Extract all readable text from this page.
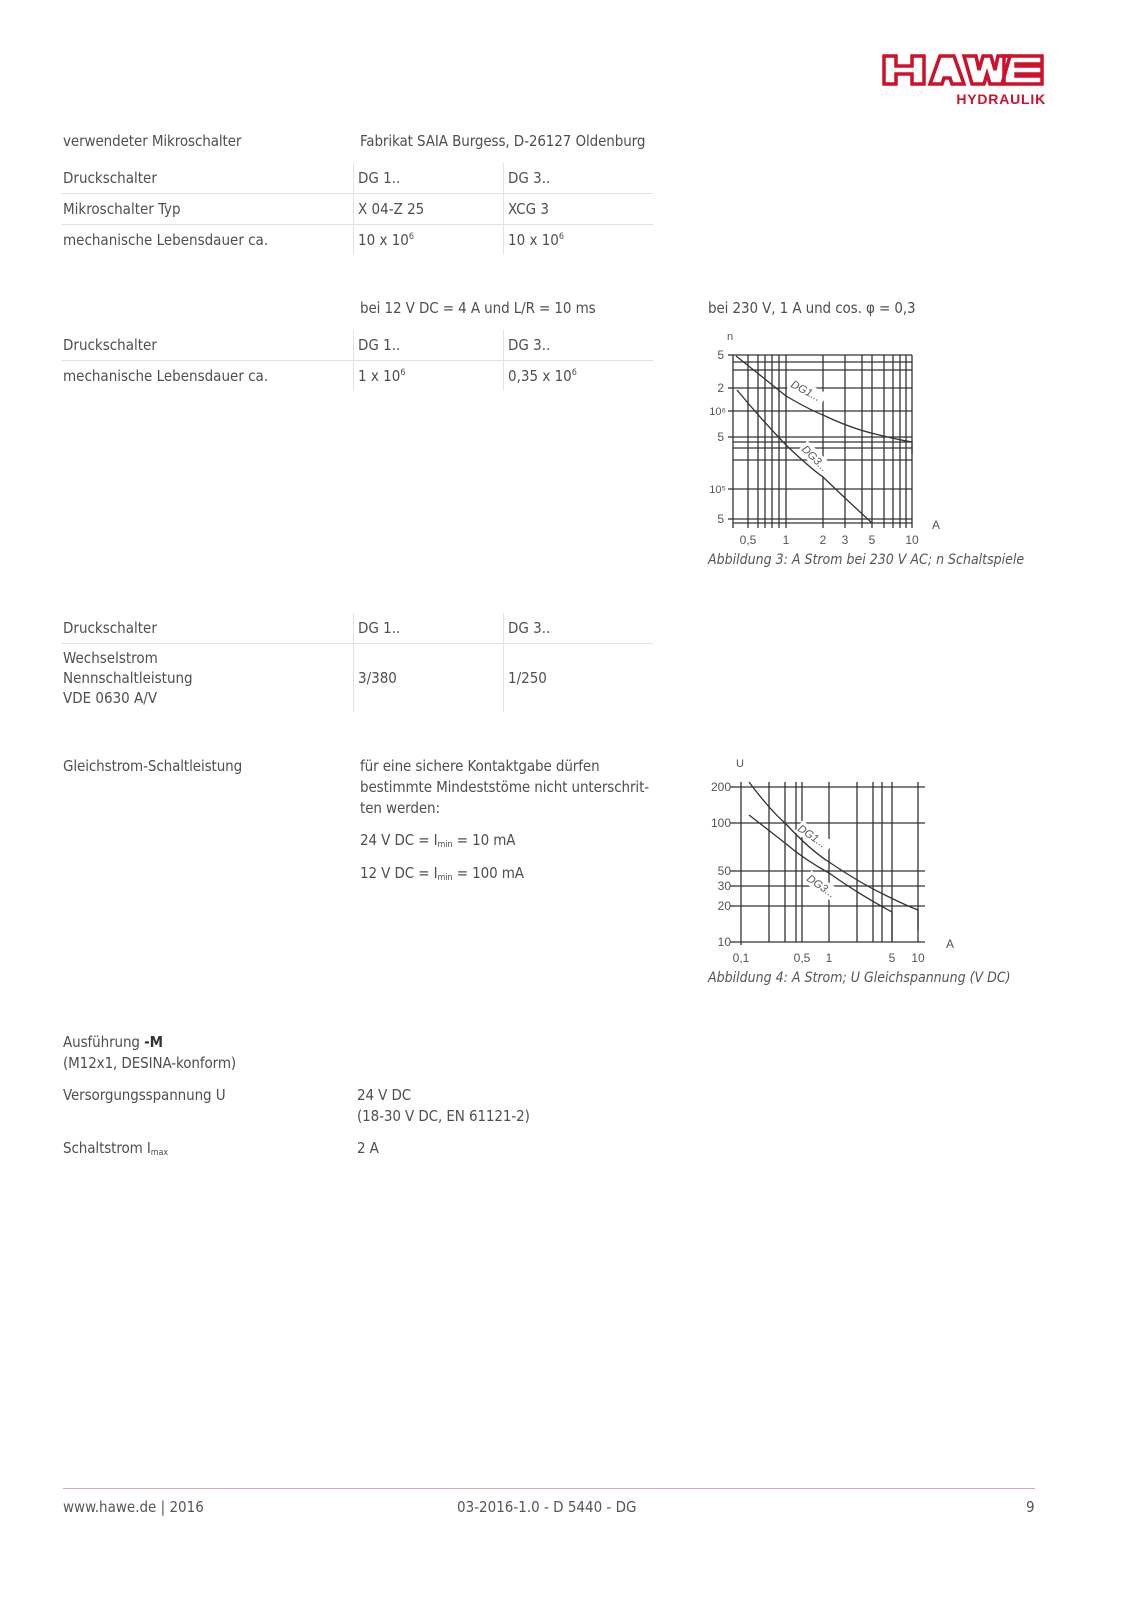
HYDRAULIK
verwendeter Mikroschalter	Fabrikat SAIA Burgess, D-26127 Oldenburg
Druckschalter	DG 1..	DG 3..
Mikroschalter Typ	X 04-Z 25	XCG 3
mechanische Lebensdauer ca.	10 x $10^6$	10 x $10^6$
bei 12 V DC = 4 A und L/R = 10 ms
Druckschalter	DG 1..	DG 3..
mechanische Lebensdauer ca.	1 x $10^6$	0,35 x $10^6$
bei 230 V, 1 A und cos. φ = 0,3
DG1...
DG3...
n
A
5
2
10⁶
5
10⁵
5
0,5 1	2 3 5 10
Abbildung 3: A Strom bei 230 V AC; n Schaltspiele
Druckschalter	DG 1..	DG 3..

Wechselstrom
Nennschaltleistung
VDE 0630 A/V	3/380	1/250
Gleichstrom-Schaltleistung	für eine sichere Kontaktgabe dürfen
bestimmte Mindeststöme nicht unterschrit-
ten werden:
24 V DC = $I_{min} = 10$ mA
12 V DC = $I_{min} = 100$ mA
DG1...
DG3...
U
A
200
100
50
30
20
10
0,1	0,5 1	5 10
Abbildung 4: A Strom; U Gleichspannung (V DC)
Ausführung -M
(M12x1, DESINA-konform)
Versorgungsspannung U	24 V DC
(18-30 V DC, EN 61121-2)
Schaltstrom $I_{max}$	2 A
www.hawe.de | 2016	03-2016-1.0 - D 5440 - DG	9
